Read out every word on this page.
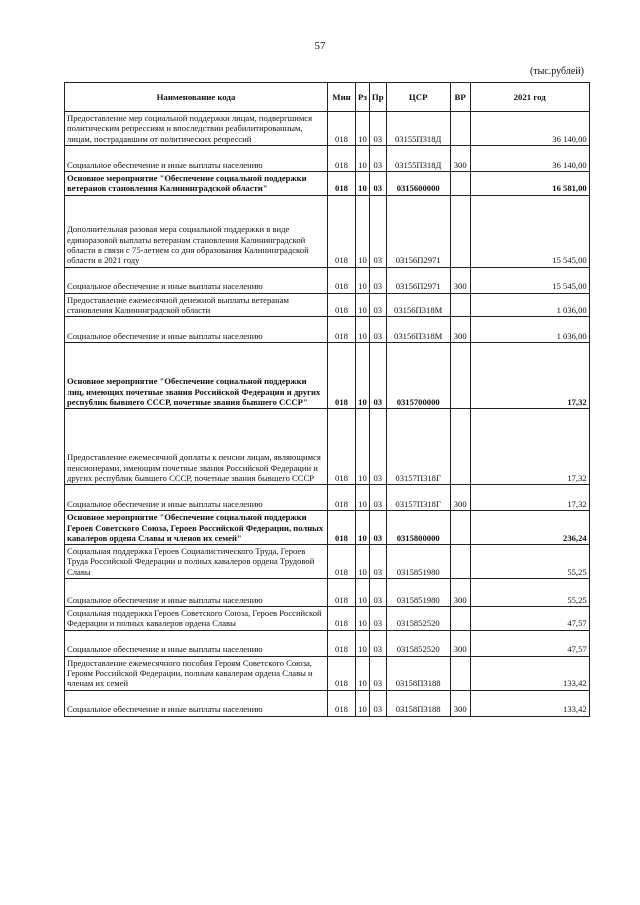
57
(тыс.рублей)
Наименование кода	Мин	Рз	Пр	ЦСР	ВР	2021 год
Предоставление мер социальной поддержки лицам, подвергшимся политическим репрессиям и впоследствии реабилитированным, лицам, пострадавшим от политических репрессий	018	10	03	03155П318Д		36 140,00
Социальное обеспечение и иные выплаты населению	018	10	03	03155П318Д	300	36 140,00
Основное мероприятие "Обеспечение социальной поддержки ветеранов становления Калининградской области"	018	10	03	0315600000		16 581,00
Дополнительная разовая мера социальной поддержки в виде единоразовой выплаты ветеранам становления Калининградской области в связи с 75-летием со дня образования Калининградской области в 2021 году	018	10	03	03156П2971		15 545,00
Социальное обеспечение и иные выплаты населению	018	10	03	03156П2971	300	15 545,00
Предоставление ежемесячной денежной выплаты ветеранам становления Калининградской области	018	10	03	03156П318М		1 036,00
Социальное обеспечение и иные выплаты населению	018	10	03	03156П318М	300	1 036,00
Основное мероприятие "Обеспечение социальной поддержки лиц, имеющих почетные звания Российской Федерации и других республик бывшего СССР, почетные звания бывшего СССР"	018	10	03	0315700000		17,32
Предоставление ежемесячной доплаты к пенсии лицам, являющимся пенсионерами, имеющим почетные звания Российской Федерации и других республик бывшего СССР, почетные звания бывшего СССР	018	10	03	03157П318Г		17,32
Социальное обеспечение и иные выплаты населению	018	10	03	03157П318Г	300	17,32
Основное мероприятие "Обеспечение социальной поддержки Героев Советского Союза, Героев Российской Федерации, полных кавалеров ордена Славы и членов их семей"	018	10	03	0315800000		236,24
Социальная поддержка Героев Социалистического Труда, Героев Труда Российской Федерации и полных кавалеров ордена Трудовой Славы	018	10	03	0315851980		55,25
Социальное обеспечение и иные выплаты населению	018	10	03	0315851980	300	55,25
Социальная поддержка Героев Советского Союза, Героев Российской Федерации и полных кавалеров ордена Славы	018	10	03	0315852520		47,57
Социальное обеспечение и иные выплаты населению	018	10	03	0315852520	300	47,57
Предоставление ежемесячного пособия Героям Советского Союза, Героям Российской Федерации, полным кавалерам ордена Славы и членам их семей	018	10	03	03158П3188		133,42
Социальное обеспечение и иные выплаты населению	018	10	03	03158П3188	300	133,42
